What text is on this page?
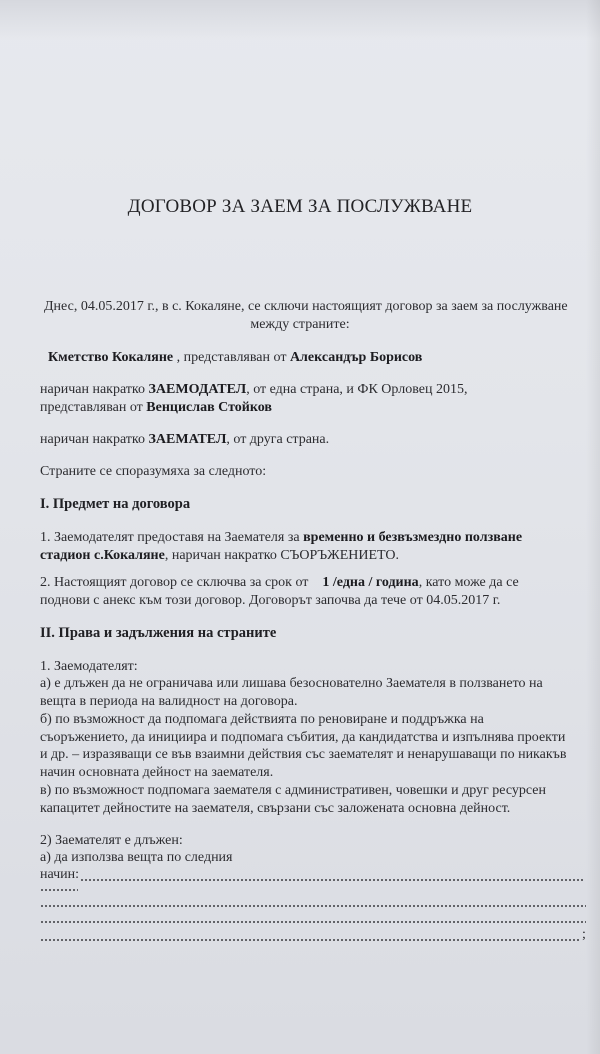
ДОГОВОР ЗА ЗАЕМ ЗА ПОСЛУЖВАНЕ
Днес, 04.05.2017 г., в с. Кокаляне, се сключи настоящият договор за заем за послужване
между страните:
Кметство Кокаляне , представляван от Александър Борисов
наричан накратко ЗАЕМОДАТЕЛ, от една страна, и ФК Орловец 2015,
представляван от Венцислав Стойков
наричан накратко ЗАЕМАТЕЛ, от друга страна.
Страните се споразумяха за следното:
І. Предмет на договора
1. Заемодателят предоставя на Заемателя за временно и безвъзмездно ползване
стадион с.Кокаляне, наричан накратко СЪОРЪЖЕНИЕТО.
2. Настоящият договор се сключва за срок от    1 /една / година, като може да се
поднови с анекс към този договор. Договорът започва да тече от 04.05.2017 г.
ІІ. Права и задължения на страните
1. Заемодателят:
а) е длъжен да не ограничава или лишава безоснователно Заемателя в ползването на
вещта в периода на валидност на договора.
б) по възможност да подпомага действията по реновиране и поддръжка на
съоръжението, да инициира и подпомага събития, да кандидатства и изпълнява проекти
и др. – изразяващи се във взаимни действия със заемателят и ненарушаващи по никакъв
начин основната дейност на заемателя.
в) по възможност подпомага заемателя с административен, човешки и друг ресурсен
капацитет дейностите на заемателя, свързани със заложената основна дейност.
2) Заемателят е длъжен:
а) да използва вещта по следния
начин:
;
